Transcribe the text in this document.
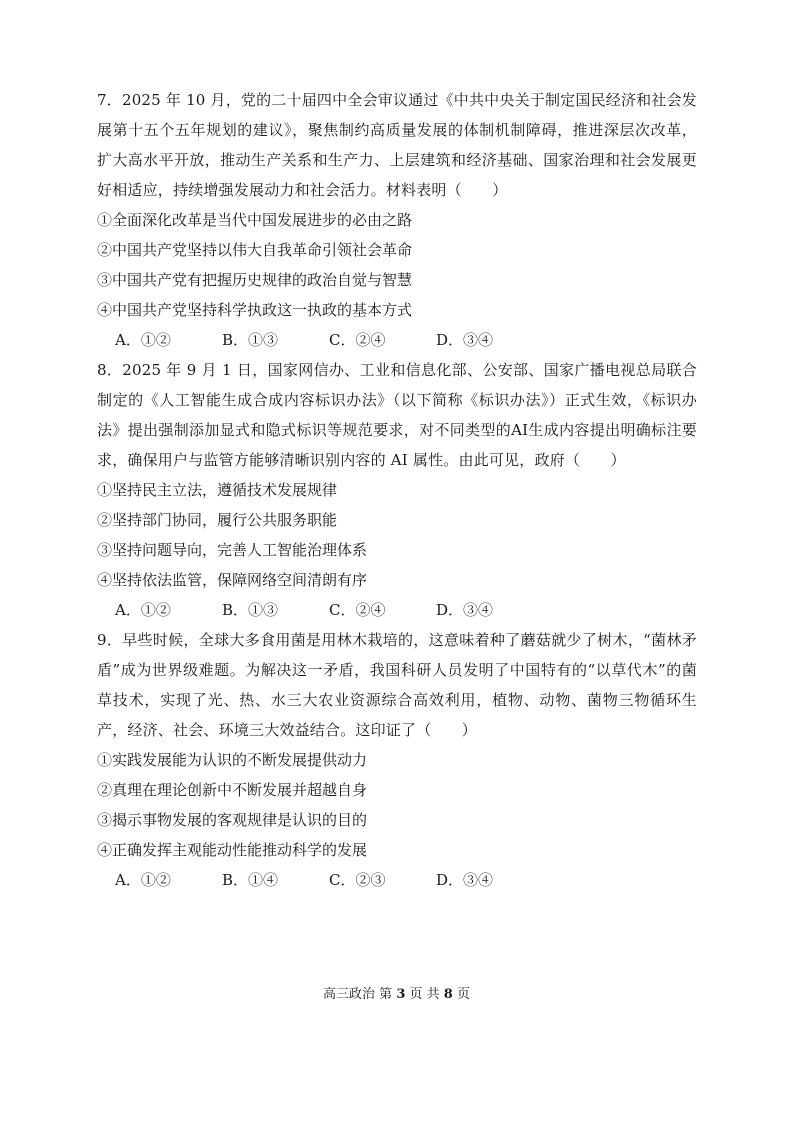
7．2025 年 10 月，党的二十届四中全会审议通过《中共中央关于制定国民经济和社会发展第十五个五年规划的建议》，聚焦制约高质量发展的体制机制障碍，推进深层次改革，扩大高水平开放，推动生产关系和生产力、上层建筑和经济基础、国家治理和社会发展更好相适应，持续增强发展动力和社会活力。材料表明（　　）

①全面深化改革是当代中国发展进步的必由之路

②中国共产党坚持以伟大自我革命引领社会革命

③中国共产党有把握历史规律的政治自觉与智慧

④中国共产党坚持科学执政这一执政的基本方式

A．①②	B．①③	C．②④	D．③④

8．2025 年 9 月 1 日，国家网信办、工业和信息化部、公安部、国家广播电视总局联合制定的《人工智能生成合成内容标识办法》（以下简称《标识办法》）正式生效，《标识办法》提出强制添加显式和隐式标识等规范要求，对不同类型的AI生成内容提出明确标注要求，确保用户与监管方能够清晰识别内容的 AI 属性。由此可见，政府（　　）

①坚持民主立法，遵循技术发展规律

②坚持部门协同，履行公共服务职能

③坚持问题导向，完善人工智能治理体系

④坚持依法监管，保障网络空间清朗有序

A．①②	B．①③	C．②④	D．③④

9．早些时候，全球大多食用菌是用林木栽培的，这意味着种了蘑菇就少了树木，“菌林矛盾”成为世界级难题。为解决这一矛盾，我国科研人员发明了中国特有的“以草代木”的菌草技术，实现了光、热、水三大农业资源综合高效利用，植物、动物、菌物三物循环生产，经济、社会、环境三大效益结合。这印证了（　　）

①实践发展能为认识的不断发展提供动力

②真理在理论创新中不断发展并超越自身

③揭示事物发展的客观规律是认识的目的

④正确发挥主观能动性能推动科学的发展

A．①②	B．①④	C．②③	D．③④
高三政治 第 3 页 共 8 页
